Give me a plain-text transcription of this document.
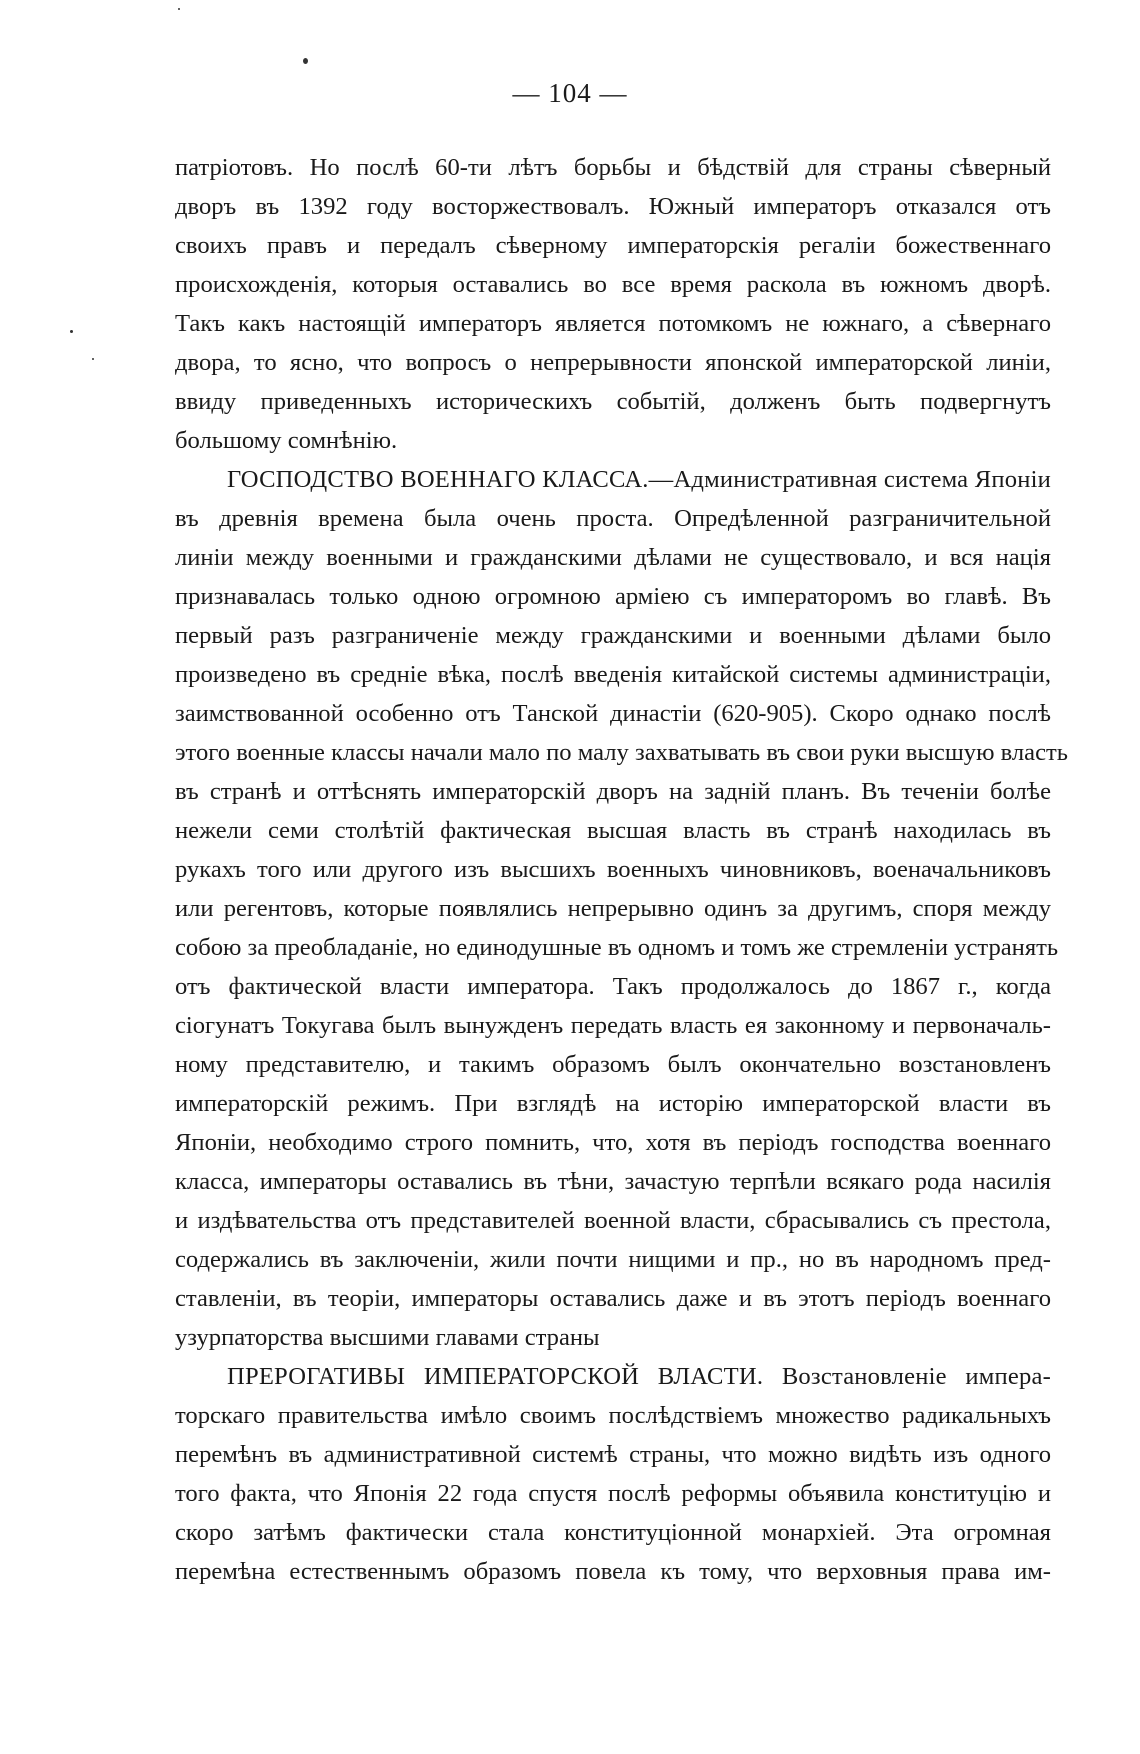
— 104 —

патріотовъ. Но послѣ 60-ти лѣтъ борьбы и бѣдствій для страны сѣверный
дворъ въ 1392 году восторжествовалъ. Южный императоръ отказался отъ
своихъ правъ и передалъ сѣверному императорскія регаліи божественнаго
происхожденія, которыя оставались во все время раскола въ южномъ дворѣ.
Такъ какъ настоящій императоръ является потомкомъ не южнаго, а сѣвернаго
двора, то ясно, что вопросъ о непрерывности японской императорской линіи,
ввиду приведенныхъ историческихъ событій, долженъ быть подвергнутъ
большому сомнѣнію.

ГОСПОДСТВО ВОЕННАГО КЛАССА.—Административная система Японіи
въ древнія времена была очень проста. Опредѣленной разграничительной
линіи между военными и гражданскими дѣлами не существовало, и вся нація
признавалась только одною огромною арміею съ императоромъ во главѣ. Въ
первый разъ разграниченіе между гражданскими и военными дѣлами было
произведено въ средніе вѣка, послѣ введенія китайской системы администраціи,
заимствованной особенно отъ Танской династіи (620-905). Скоро однако послѣ
этого военные классы начали мало по малу захватывать въ свои руки высшую власть
въ странѣ и оттѣснять императорскій дворъ на задній планъ. Въ теченіи болѣе
нежели семи столѣтій фактическая высшая власть въ странѣ находилась въ
рукахъ того или другого изъ высшихъ военныхъ чиновниковъ, военачальниковъ
или регентовъ, которые появлялись непрерывно одинъ за другимъ, споря между
собою за преобладаніе, но единодушные въ одномъ и томъ же стремленіи устранять
отъ фактической власти императора. Такъ продолжалось до 1867 г., когда
сіогунатъ Токугава былъ вынужденъ передать власть ея законному и первоначаль-
ному представителю, и такимъ образомъ былъ окончательно возстановленъ
императорскій режимъ. При взглядѣ на исторію императорской власти въ
Японіи, необходимо строго помнить, что, хотя въ періодъ господства военнаго
класса, императоры оставались въ тѣни, зачастую терпѣли всякаго рода насилія
и издѣвательства отъ представителей военной власти, сбрасывались съ престола,
содержались въ заключеніи, жили почти нищими и пр., но въ народномъ пред-
ставленіи, въ теоріи, императоры оставались даже и въ этотъ періодъ военнаго
узурпаторства высшими главами страны

ПРЕРОГАТИВЫ ИМПЕРАТОРСКОЙ ВЛАСТИ. Возстановленіе импера-
торскаго правительства имѣло своимъ послѣдствіемъ множество радикальныхъ
перемѣнъ въ административной системѣ страны, что можно видѣть изъ одного
того факта, что Японія 22 года спустя послѣ реформы объявила конституцію и
скоро затѣмъ фактически стала конституціонной монархіей. Эта огромная
перемѣна естественнымъ образомъ повела къ тому, что верховныя права им-
